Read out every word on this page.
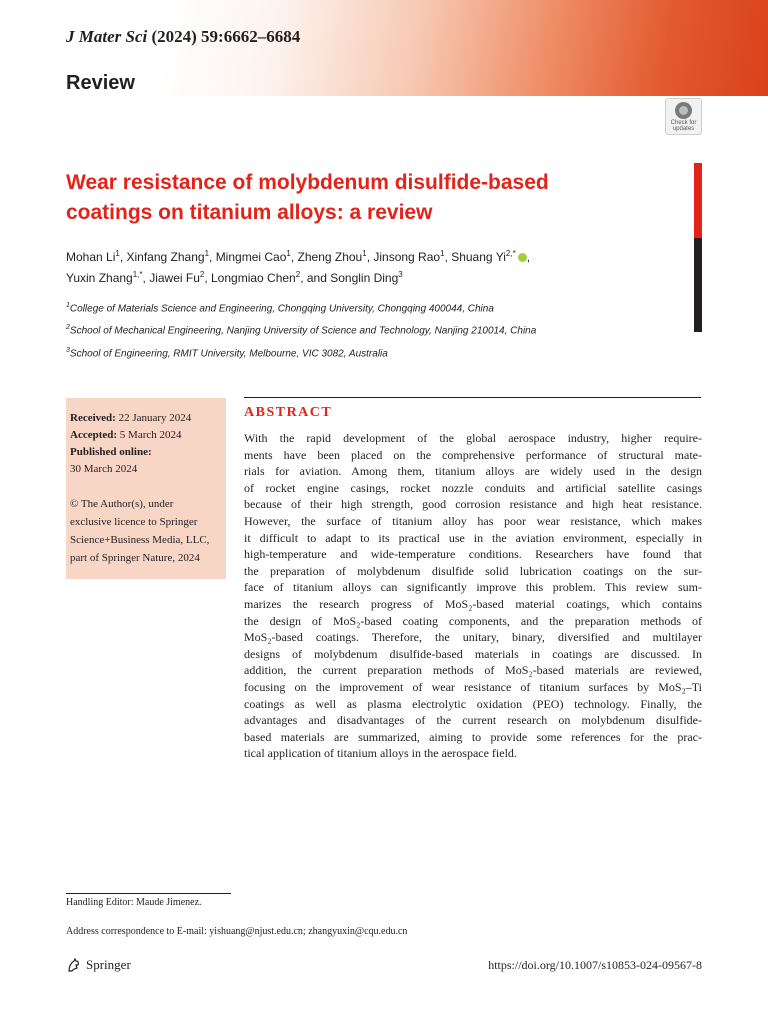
J Mater Sci (2024) 59:6662–6684
Review
Check for updates
Wear resistance of molybdenum disulfide-based
coatings on titanium alloys: a review
Mohan Li$^1$, Xinfang Zhang$^1$, Mingmei Cao$^1$, Zheng Zhou$^1$, Jinsong Rao$^1$, Shuang $Yi^{2,*}$ ,
Yuxin Zhang$^{1,*}$, Jiawei Fu$^2$, Longmiao Chen$^2$, and Songlin Ding$^3$
$^1$College of Materials Science and Engineering, Chongqing University, Chongqing 400044, China
$^2$School of Mechanical Engineering, Nanjing University of Science and Technology, Nanjing 210014, China
$^3$School of Engineering, RMIT University, Melbourne, VIC 3082, Australia
Received: 22 January 2024
Accepted: 5 March 2024
Published online:
30 March 2024
© The Author(s), under
exclusive licence to Springer
Science+Business Media, LLC,
part of Springer Nature, 2024
ABSTRACT
With the rapid development of the global aerospace industry, higher require-
ments have been placed on the comprehensive performance of structural mate-
rials for aviation. Among them, titanium alloys are widely used in the design
of rocket engine casings, rocket nozzle conduits and artificial satellite casings
because of their high strength, good corrosion resistance and high heat resistance.
However, the surface of titanium alloy has poor wear resistance, which makes
it difficult to adapt to its practical use in the aviation environment, especially in
high-temperature and wide-temperature conditions. Researchers have found that
the preparation of molybdenum disulfide solid lubrication coatings on the sur-
face of titanium alloys can significantly improve this problem. This review sum-
marizes the research progress of MoS₂-based material coatings, which contains
the design of MoS₂-based coating components, and the preparation methods of
MoS₂-based coatings. Therefore, the unitary, binary, diversified and multilayer
designs of molybdenum disulfide-based materials in coatings are discussed. In
addition, the current preparation methods of MoS₂-based materials are reviewed,
focusing on the improvement of wear resistance of titanium surfaces by MoS₂–Ti
coatings as well as plasma electrolytic oxidation (PEO) technology. Finally, the
advantages and disadvantages of the current research on molybdenum disulfide-
based materials are summarized, aiming to provide some references for the prac-
tical application of titanium alloys in the aerospace field.
Handling Editor: Maude Jimenez.
Address correspondence to E-mail: yishuang@njust.edu.cn; zhangyuxin@cqu.edu.cn
Springer	https://doi.org/10.1007/s10853-024-09567-8
